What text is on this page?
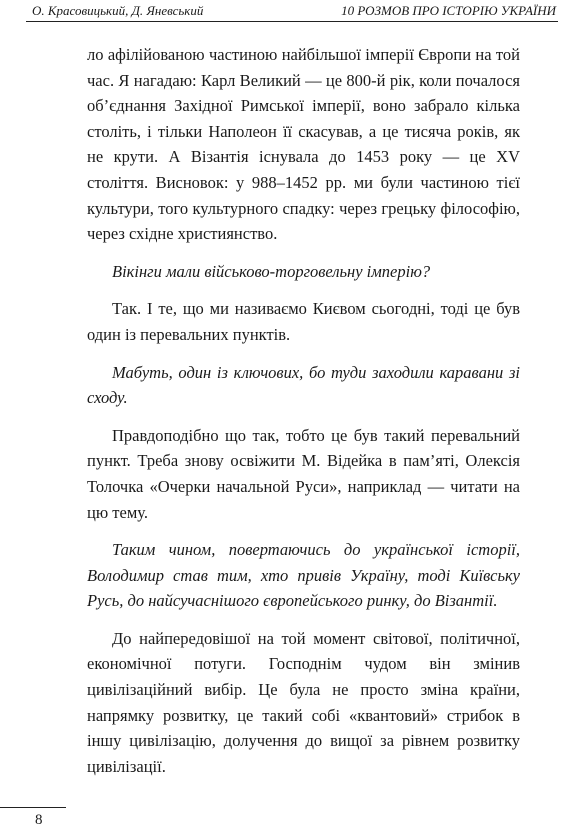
О. Красовицький, Д. Яневський	10 РОЗМОВ ПРО ІСТОРІЮ УКРАЇНИ

ло афілійованою частиною найбільшої імперії Європи на той час. Я нагадаю: Карл Великий — це 800-й рік, коли почалося об’єднання Західної Римської імперії, воно забрало кілька століть, і тільки Наполеон її скасував, а це тисяча років, як не крути. А Візантія існувала до 1453 року — це XV століття. Висновок: у 988–1452 рр. ми були частиною тієї культури, того культурного спадку: через грецьку філософію, через східне християнство.

Вікінги мали військово-торговельну імперію?

Так. І те, що ми називаємо Києвом сьогодні, тоді це був один із перевальних пунктів.

Мабуть, один із ключових, бо туди заходили каравани зі сходу.

Правдоподібно що так, тобто це був такий перевальний пункт. Треба знову освіжити М. Відейка в пам’яті, Олексія Толочка «Очерки начальной Руси», наприклад — читати на цю тему.

Таким чином, повертаючись до української історії, Володимир став тим, хто привів Україну, тоді Київську Русь, до найсучаснішого європейського ринку, до Візантії.

До найпередовішої на той момент світової, політичної, економічної потуги. Господнім чудом він змінив цивілізаційний вибір. Це була не просто зміна країни, напрямку розвитку, це такий собі «квантовий» стрибок в іншу цивілізацію, долучення до вищої за рівнем розвитку цивілізації.

8
